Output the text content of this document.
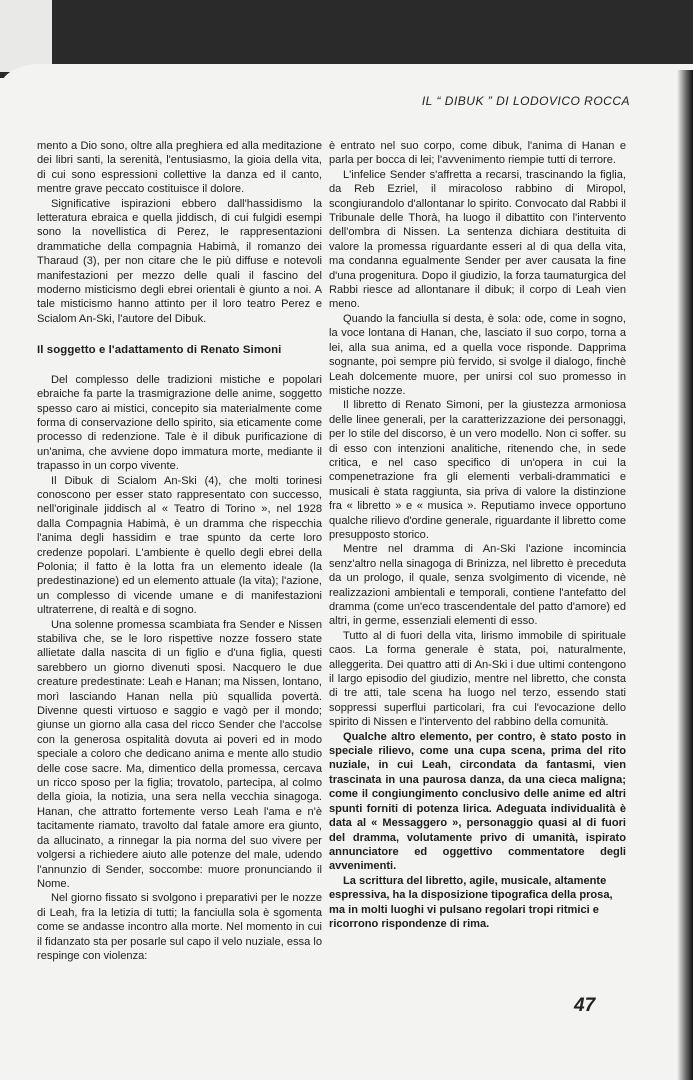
IL “ DIBUK ” DI LODOVICO ROCCA

mento a Dio sono, oltre alla preghiera ed alla meditazione dei libri santi, la serenità, l'entusiasmo, la gioia della vita, di cui sono espressioni collettive la danza ed il canto, mentre grave peccato costituisce il dolore.

Significative ispirazioni ebbero dall'hassidismo la letteratura ebraica e quella jiddisch, di cui fulgidi esempi sono la novellistica di Perez, le rappresentazioni drammatiche della compagnia Habimà, il romanzo dei Tharaud (3), per non citare che le più diffuse e notevoli manifestazioni per mezzo delle quali il fascino del moderno misticismo degli ebrei orientali è giunto a noi. A tale misticismo hanno attinto per il loro teatro Perez e Scialom An-Ski, l'autore del Dibuk.

Il soggetto e l'adattamento di Renato Simoni

Del complesso delle tradizioni mistiche e popolari ebraiche fa parte la trasmigrazione delle anime, soggetto spesso caro ai mistici, concepito sia materialmente come forma di conservazione dello spirito, sia eticamente come processo di redenzione. Tale è il dibuk purificazione di un'anima, che avviene dopo immatura morte, mediante il trapasso in un corpo vivente.

Il Dibuk di Scialom An-Ski (4), che molti torinesi conoscono per esser stato rappresentato con successo, nell'originale jiddisch al « Teatro di Torino », nel 1928 dalla Compagnia Habimà, è un dramma che rispecchia l'anima degli hassidim e trae spunto da certe loro credenze popolari. L'ambiente è quello degli ebrei della Polonia; il fatto è la lotta fra un elemento ideale (la predestinazione) ed un elemento attuale (la vita); l'azione, un complesso di vicende umane e di manifestazioni ultraterrene, di realtà e di sogno.

Una solenne promessa scambiata fra Sender e Nissen stabiliva che, se le loro rispettive nozze fossero state allietate dalla nascita di un figlio e d'una figlia, questi sarebbero un giorno divenuti sposi. Nacquero le due creature predestinate: Leah e Hanan; ma Nissen, lontano, morì lasciando Hanan nella più squallida povertà. Divenne questi virtuoso e saggio e vagò per il mondo; giunse un giorno alla casa del ricco Sender che l'accolse con la generosa ospitalità dovuta ai poveri ed in modo speciale a coloro che dedicano anima e mente allo studio delle cose sacre. Ma, dimentico della promessa, cercava un ricco sposo per la figlia; trovatolo, partecipa, al colmo della gioia, la notizia, una sera nella vecchia sinagoga. Hanan, che attratto fortemente verso Leah l'ama e n'è tacitamente riamato, travolto dal fatale amore era giunto, da allucinato, a rinnegar la pia norma del suo vivere per volgersi a richiedere aiuto alle potenze del male, udendo l'annunzio di Sender, soccombe: muore pronunciando il Nome.

Nel giorno fissato si svolgono i preparativi per le nozze di Leah, fra la letizia di tutti; la fanciulla sola è sgomenta come se andasse incontro alla morte. Nel momento in cui il fidanzato sta per posarle sul capo il velo nuziale, essa lo respinge con violenza:

è entrato nel suo corpo, come dibuk, l'anima di Hanan e parla per bocca di lei; l'avvenimento riempie tutti di terrore.

L'infelice Sender s'affretta a recarsi, trascinando la figlia, da Reb Ezriel, il miracoloso rabbino di Miropol, scongiurandolo d'allontanar lo spirito. Convocato dal Rabbi il Tribunale delle Thorà, ha luogo il dibattito con l'intervento dell'ombra di Nissen. La sentenza dichiara destituita di valore la promessa riguardante esseri al di qua della vita, ma condanna egualmente Sender per aver causata la fine d'una progenitura. Dopo il giudizio, la forza taumaturgica del Rabbi riesce ad allontanare il dibuk; il corpo di Leah vien meno.

Quando la fanciulla si desta, è sola: ode, come in sogno, la voce lontana di Hanan, che, lasciato il suo corpo, torna a lei, alla sua anima, ed a quella voce risponde. Dapprima sognante, poi sempre più fervido, si svolge il dialogo, finchè Leah dolcemente muore, per unirsi col suo promesso in mistiche nozze.

Il libretto di Renato Simoni, per la giustezza armoniosa delle linee generali, per la caratterizzazione dei personaggi, per lo stile del discorso, è un vero modello. Non ci soffer. su di esso con intenzioni analitiche, ritenendo che, in sede critica, e nel caso specifico di un'opera in cui la compenetrazione fra gli elementi verbali-drammatici e musicali è stata raggiunta, sia priva di valore la distinzione fra « libretto » e « musica ». Reputiamo invece opportuno qualche rilievo d'ordine generale, riguardante il libretto come presupposto storico.

Mentre nel dramma di An-Ski l'azione incomincia senz'altro nella sinagoga di Brinizza, nel libretto è preceduta da un prologo, il quale, senza svolgimento di vicende, nè realizzazioni ambientali e temporali, contiene l'antefatto del dramma (come un'eco trascendentale del patto d'amore) ed altri, in germe, essenziali elementi di esso.

Tutto al di fuori della vita, lirismo immobile di spirituale caos. La forma generale è stata, poi, naturalmente, alleggerita. Dei quattro atti di An-Ski i due ultimi contengono il largo episodio del giudizio, mentre nel libretto, che consta di tre atti, tale scena ha luogo nel terzo, essendo stati soppressi superflui particolari, fra cui l'evocazione dello spirito di Nissen e l'intervento del rabbino della comunità.

Qualche altro elemento, per contro, è stato posto in speciale rilievo, come una cupa scena, prima del rito nuziale, in cui Leah, circondata da fantasmi, vien trascinata in una paurosa danza, da una cieca maligna; come il congiungimento conclusivo delle anime ed altri spunti forniti di potenza lirica. Adeguata individualità è data al « Messaggero », personaggio quasi al di fuori del dramma, volutamente privo di umanità, ispirato annunciatore ed oggettivo commentatore degli avvenimenti.

La scrittura del libretto, agile, musicale, altamente espressiva, ha la disposizione tipografica della prosa, ma in molti luoghi vi pulsano regolari tropi ritmici e ricorrono rispondenze di rima.

47
